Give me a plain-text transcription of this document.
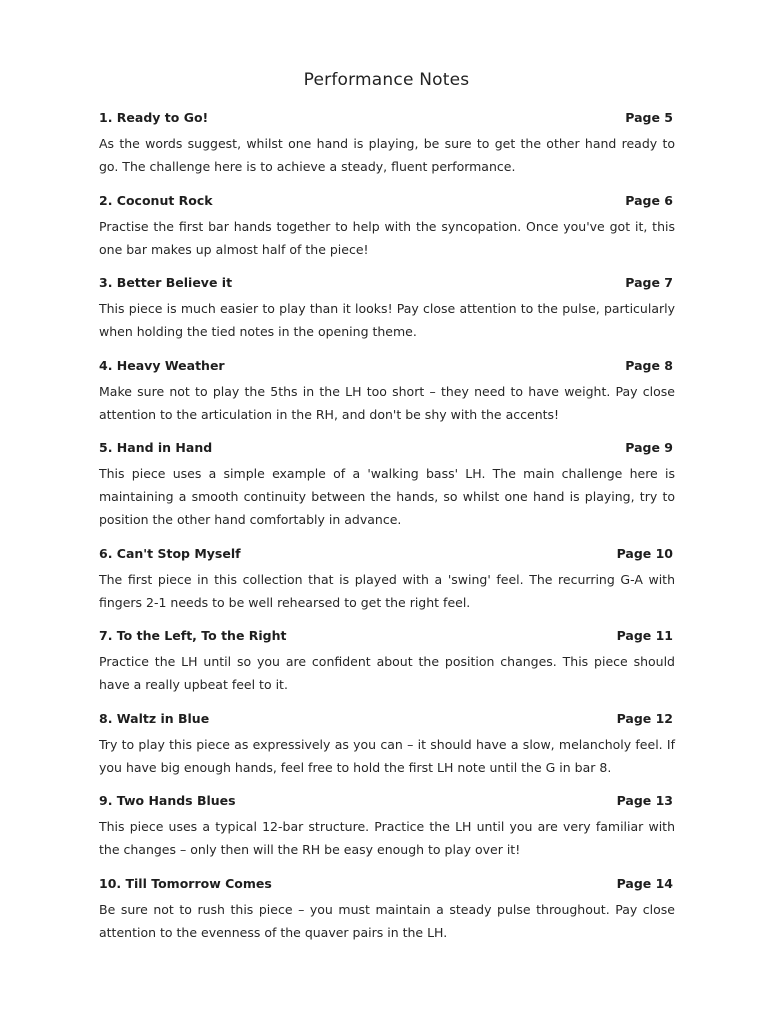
Performance Notes
1. Ready to Go!	Page 5
As the words suggest, whilst one hand is playing, be sure to get the other hand ready to go. The challenge here is to achieve a steady, fluent performance.
2. Coconut Rock	Page 6
Practise the first bar hands together to help with the syncopation. Once you've got it, this one bar makes up almost half of the piece!
3. Better Believe it	Page 7
This piece is much easier to play than it looks! Pay close attention to the pulse, particularly when holding the tied notes in the opening theme.
4. Heavy Weather	Page 8
Make sure not to play the 5ths in the LH too short – they need to have weight. Pay close attention to the articulation in the RH, and don't be shy with the accents!
5. Hand in Hand	Page 9
This piece uses a simple example of a 'walking bass' LH. The main challenge here is maintaining a smooth continuity between the hands, so whilst one hand is playing, try to position the other hand comfortably in advance.
6. Can't Stop Myself	Page 10
The first piece in this collection that is played with a 'swing' feel. The recurring G-A with fingers 2-1 needs to be well rehearsed to get the right feel.
7. To the Left, To the Right	Page 11
Practice the LH until so you are confident about the position changes. This piece should have a really upbeat feel to it.
8. Waltz in Blue	Page 12
Try to play this piece as expressively as you can – it should have a slow, melancholy feel. If you have big enough hands, feel free to hold the first LH note until the G in bar 8.
9. Two Hands Blues	Page 13
This piece uses a typical 12-bar structure. Practice the LH until you are very familiar with the changes – only then will the RH be easy enough to play over it!
10. Till Tomorrow Comes	Page 14
Be sure not to rush this piece – you must maintain a steady pulse throughout. Pay close attention to the evenness of the quaver pairs in the LH.
